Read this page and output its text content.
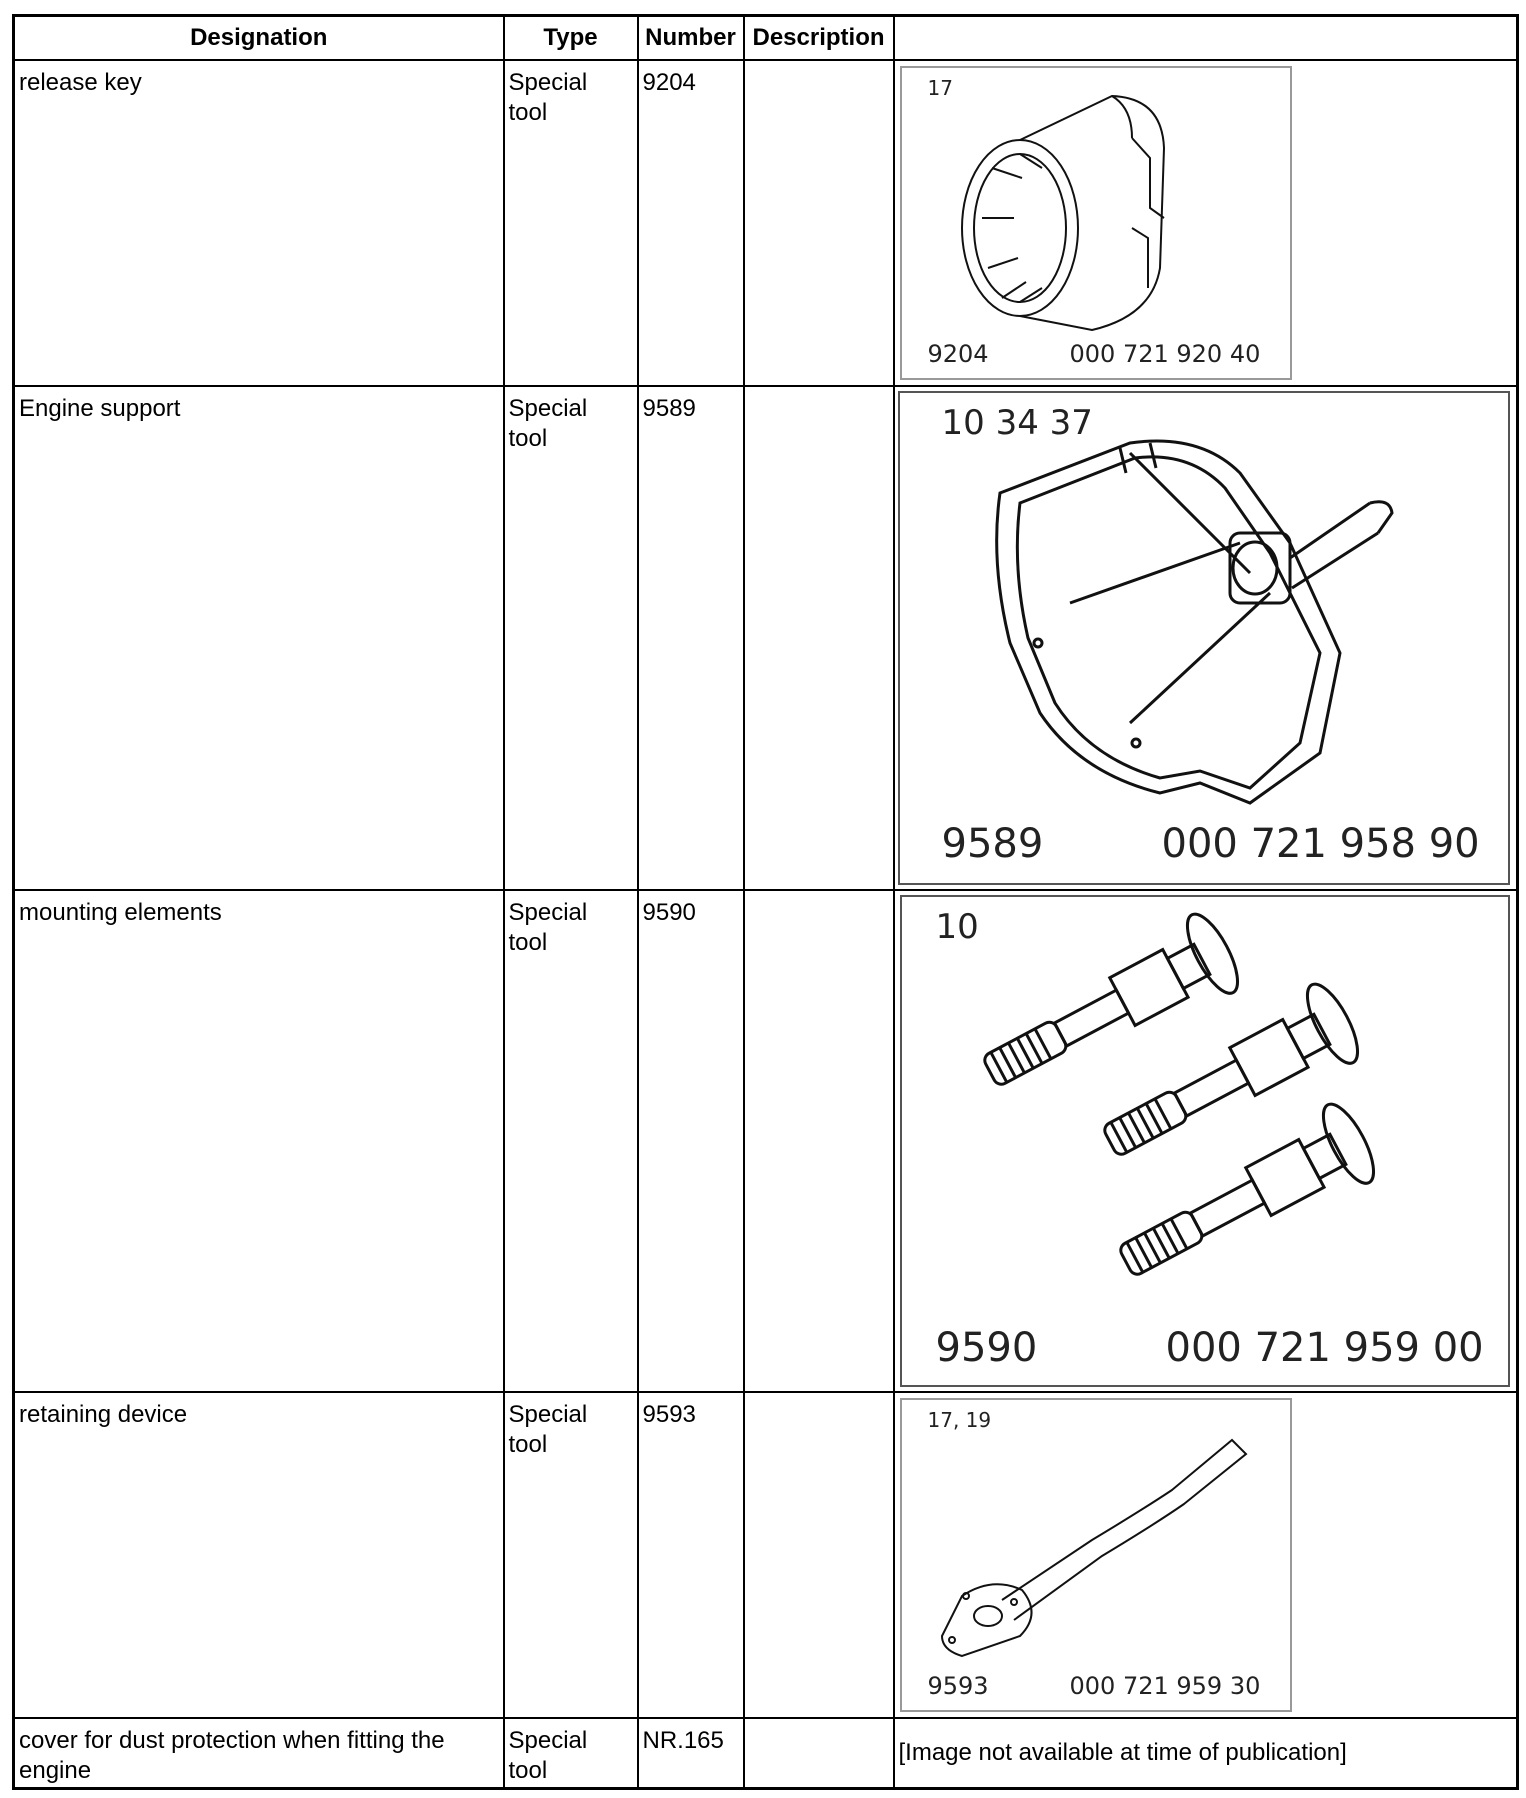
Designation	Type	Number	Description	
release key	Special tool	9204		17
9204 000 721 920 40

Engine support	Special tool	9589		10 34 37
9589 000 721 958 90

mounting elements	Special tool	9590		10
9590 000 721 959 00

retaining device	Special tool	9593		17, 19
9593 000 721 959 30

cover for dust protection when fitting the engine	Special tool	NR.165		[Image not available at time of publication]
